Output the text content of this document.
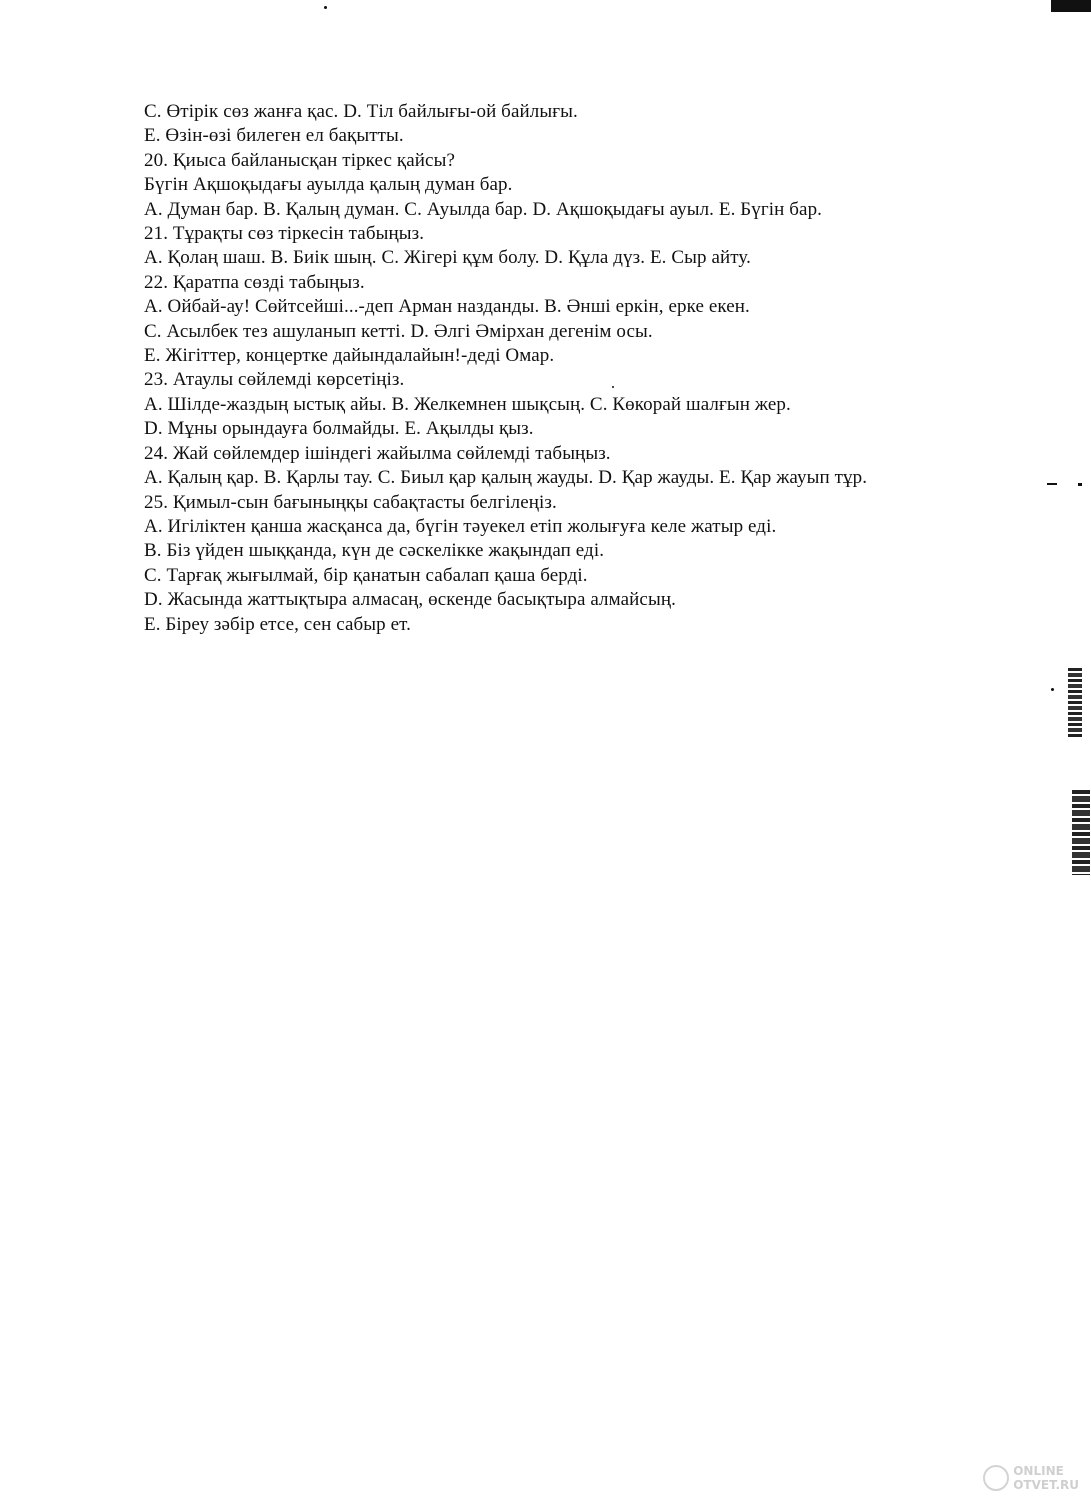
C. Өтірік сөз жанға қас. D. Тіл байлығы-ой байлығы.
E. Өзін-өзі билеген ел бақытты.
20. Қиыса байланысқан тіркес қайсы?
Бүгін Ақшоқыдағы ауылда қалың думан бар.
A. Думан бар. B. Қалың думан. C. Ауылда бар. D. Ақшоқыдағы ауыл. E. Бүгін бар.
21. Тұрақты сөз тіркесін табыңыз.
A. Қолаң шаш. B. Биік шың. C. Жігері құм болу. D. Құла дүз. E. Сыр айту.
22. Қаратпа сөзді табыңыз.
A. Ойбай-ау! Сөйтсейші...-деп Арман назданды. B. Әнші еркін, ерке екен.
C. Асылбек тез ашуланып кетті. D. Әлгі Әмірхан дегенім осы.
E. Жігіттер, концертке дайындалайын!-деді Омар.
23. Атаулы сөйлемді көрсетіңіз.
A. Шілде-жаздың ыстық айы. B. Желкемнен шықсың. C. Көкорай шалғын жер.
D. Мұны орындауға болмайды. E. Ақылды қыз.
24. Жай сөйлемдер ішіндегі жайылма сөйлемді табыңыз.
A. Қалың қар. B. Қарлы тау. C. Биыл қар қалың жауды. D. Қар жауды. E. Қар жауып тұр.
25. Қимыл-сын бағыныңқы сабақтасты белгілеңіз.
A. Игіліктен қанша жасқанса да, бүгін тәуекел етіп жолығуға келе жатыр еді.
B. Біз үйден шыққанда, күн де сәскелікке жақындап еді.
C. Тарғақ жығылмай, бір қанатын сабалап қаша берді.
D. Жасында жаттықтыра алмасаң, өскенде басықтыра алмайсың.
E. Біреу зәбір етсе, сен сабыр ет.
ONLINE
OTVET.RU
